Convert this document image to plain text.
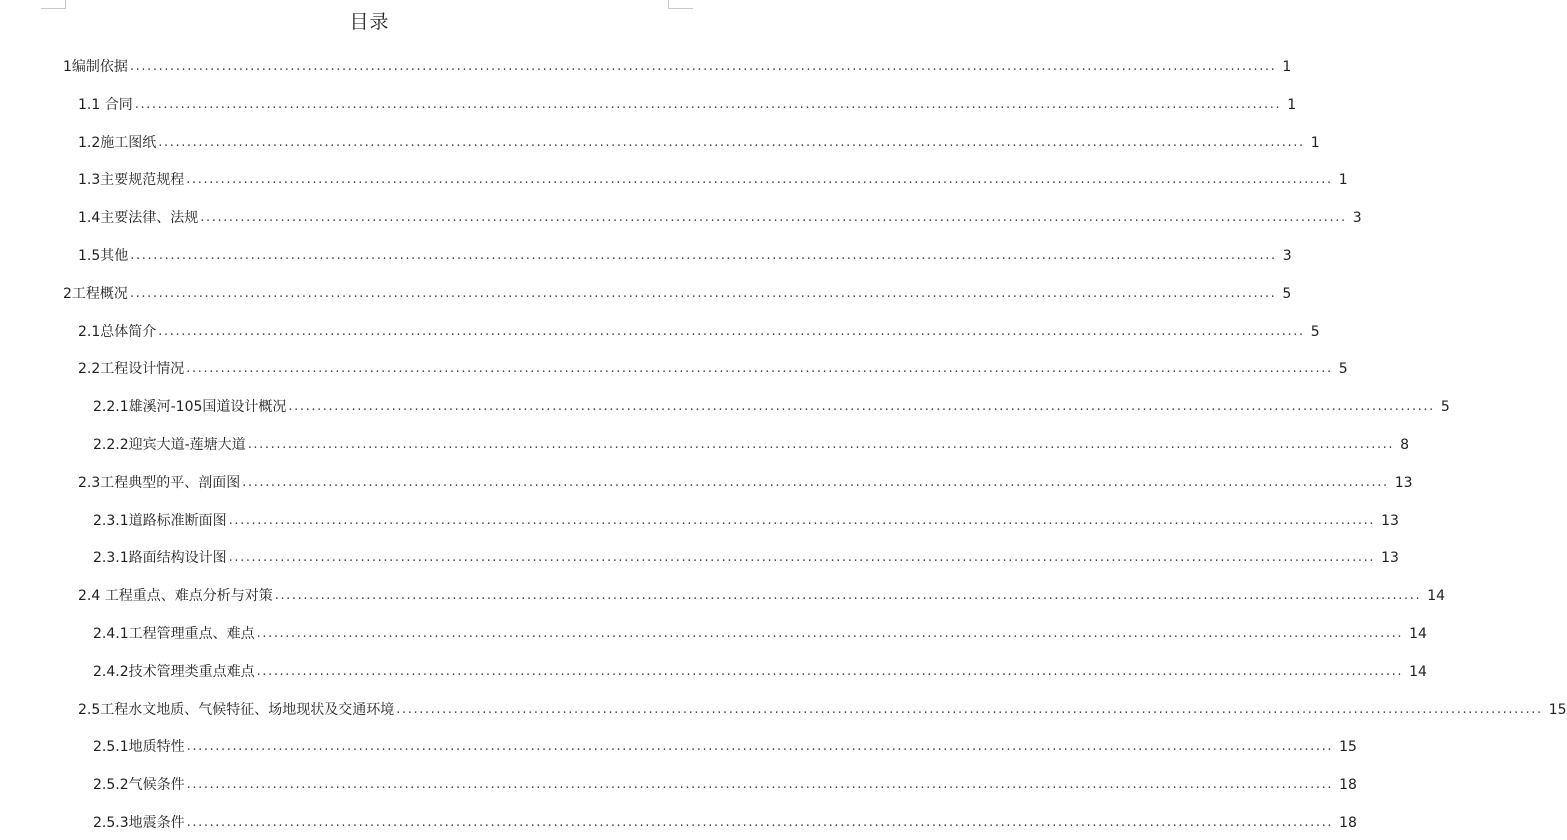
目录
1编制依据 ........................................................................................................................................................................................................ 1
1.1 合同 ........................................................................................................................................................................................................ 1
1.2施工图纸 ........................................................................................................................................................................................................ 1
1.3主要规范规程 ........................................................................................................................................................................................................ 1
1.4主要法律、法规 ........................................................................................................................................................................................................ 3
1.5其他 ........................................................................................................................................................................................................ 3
2工程概况 ........................................................................................................................................................................................................ 5
2.1总体简介 ........................................................................................................................................................................................................ 5
2.2工程设计情况 ........................................................................................................................................................................................................ 5
2.2.1雄溪河-105国道设计概况 ........................................................................................................................................................................................................ 5
2.2.2迎宾大道-莲塘大道 ........................................................................................................................................................................................................ 8
2.3工程典型的平、剖面图 ........................................................................................................................................................................................................ 13
2.3.1道路标准断面图 ........................................................................................................................................................................................................ 13
2.3.1路面结构设计图 ........................................................................................................................................................................................................ 13
2.4 工程重点、难点分析与对策 ........................................................................................................................................................................................................ 14
2.4.1工程管理重点、难点 ........................................................................................................................................................................................................ 14
2.4.2技术管理类重点难点 ........................................................................................................................................................................................................ 14
2.5工程水文地质、气候特征、场地现状及交通环境 ........................................................................................................................................................................................................ 15
2.5.1地质特性 ........................................................................................................................................................................................................ 15
2.5.2气候条件 ........................................................................................................................................................................................................ 18
2.5.3地震条件 ........................................................................................................................................................................................................ 18
